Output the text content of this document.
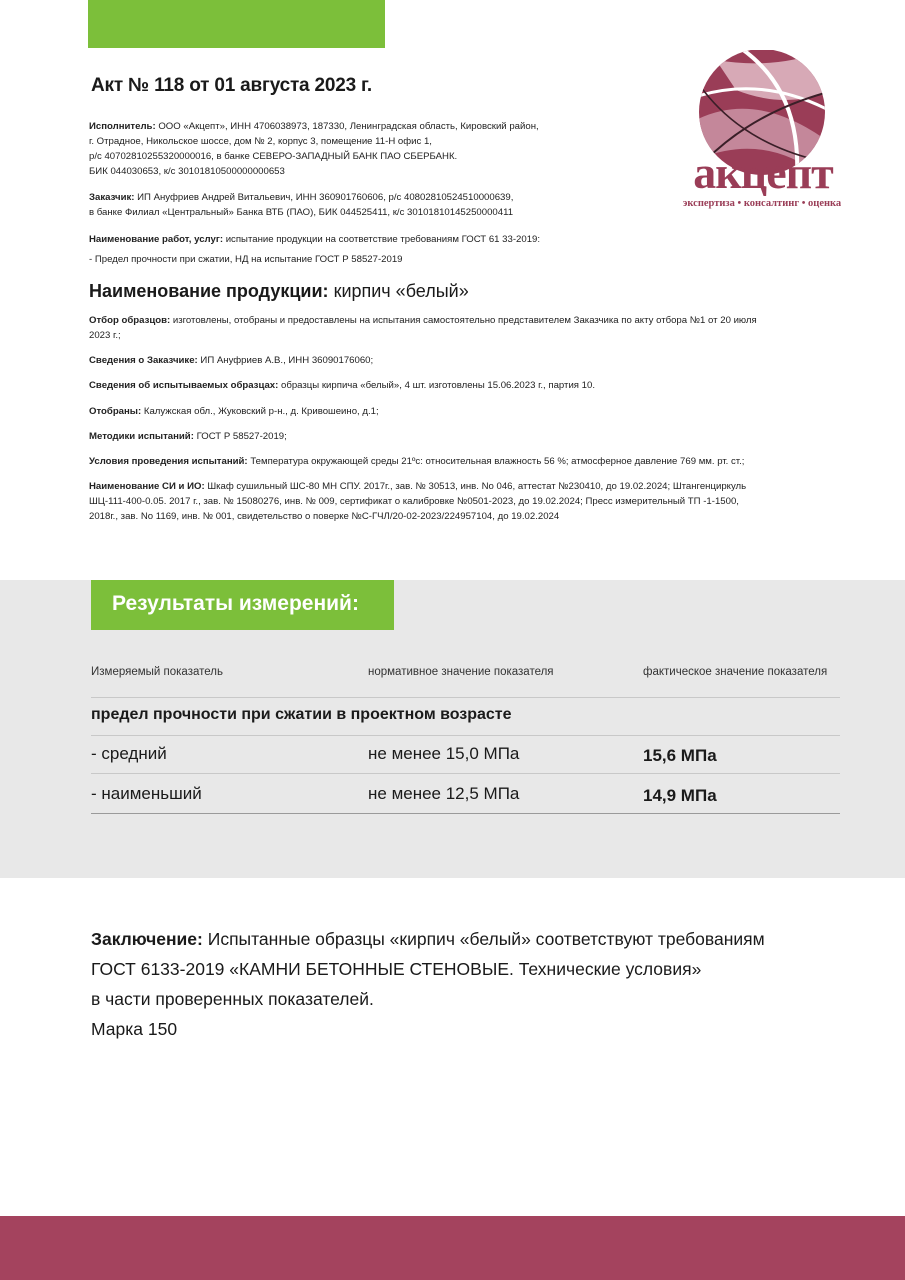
Акт № 118 от 01 августа 2023 г.
акцепт
экспертиза • консалтинг • оценка
Исполнитель: ООО «Акцепт», ИНН 4706038973, 187330, Ленинградская область, Кировский район,
г. Отрадное, Никольское шоссе, дом № 2, корпус 3, помещение 11-Н офис 1,
р/с 40702810255320000016, в банке СЕВЕРО-ЗАПАДНЫЙ БАНК ПАО СБЕРБАНК.
БИК 044030653, к/с 30101810500000000653
Заказчик: ИП Ануфриев Андрей Витальевич, ИНН 360901760606, р/с 40802810524510000639,
в банке Филиал «Центральный» Банка ВТБ (ПАО), БИК 044525411, к/с 30101810145250000411
Наименование работ, услуг: испытание продукции на соответствие требованиям ГОСТ 61 33-2019:
- Предел прочности при сжатии, НД на испытание ГОСТ Р 58527-2019
Наименование продукции: кирпич «белый»
Отбор образцов: изготовлены, отобраны и предоставлены на испытания самостоятельно представителем Заказчика по акту отбора №1 от 20 июля
2023 г.;
Сведения о Заказчике: ИП Ануфриев А.В., ИНН 36090176060;
Сведения об испытываемых образцах: образцы кирпича «белый», 4 шт. изготовлены 15.06.2023 г., партия 10.
Отобраны: Калужская обл., Жуковский р-н., д. Кривошеино, д.1;
Методики испытаний: ГОСТ Р 58527-2019;
Условия проведения испытаний: Температура окружающей среды 21ºс: относительная влажность 56 %; атмосферное давление 769 мм. рт. ст.;
Наименование СИ и ИО: Шкаф сушильный ШС-80 МН СПУ. 2017г., зав. № 30513, инв. No 046, аттестат №230410, до 19.02.2024; Штангенциркуль
ШЦ-111-400-0.05. 2017 г., зав. № 15080276, инв. № 009, сертификат о калибровке №0501-2023, до 19.02.2024; Пресс измерительный ТП -1-1500,
2018г., зав. No 1169, инв. № 001, свидетельство о поверке №С-ГЧЛ/20-02-2023/224957104, до 19.02.2024
Результаты измерений:
Измеряемый показатель	нормативное значение показателя	фактическое значение показателя
предел прочности при сжатии в проектном возрасте
- средний	не менее 15,0 МПа	15,6 МПа
- наименьший	не менее 12,5 МПа	14,9 МПа
Заключение: Испытанные образцы «кирпич «белый» соответствуют требованиям
ГОСТ 6133-2019 «КАМНИ БЕТОННЫЕ СТЕНОВЫЕ. Технические условия»
в части проверенных показателей.
Марка 150
